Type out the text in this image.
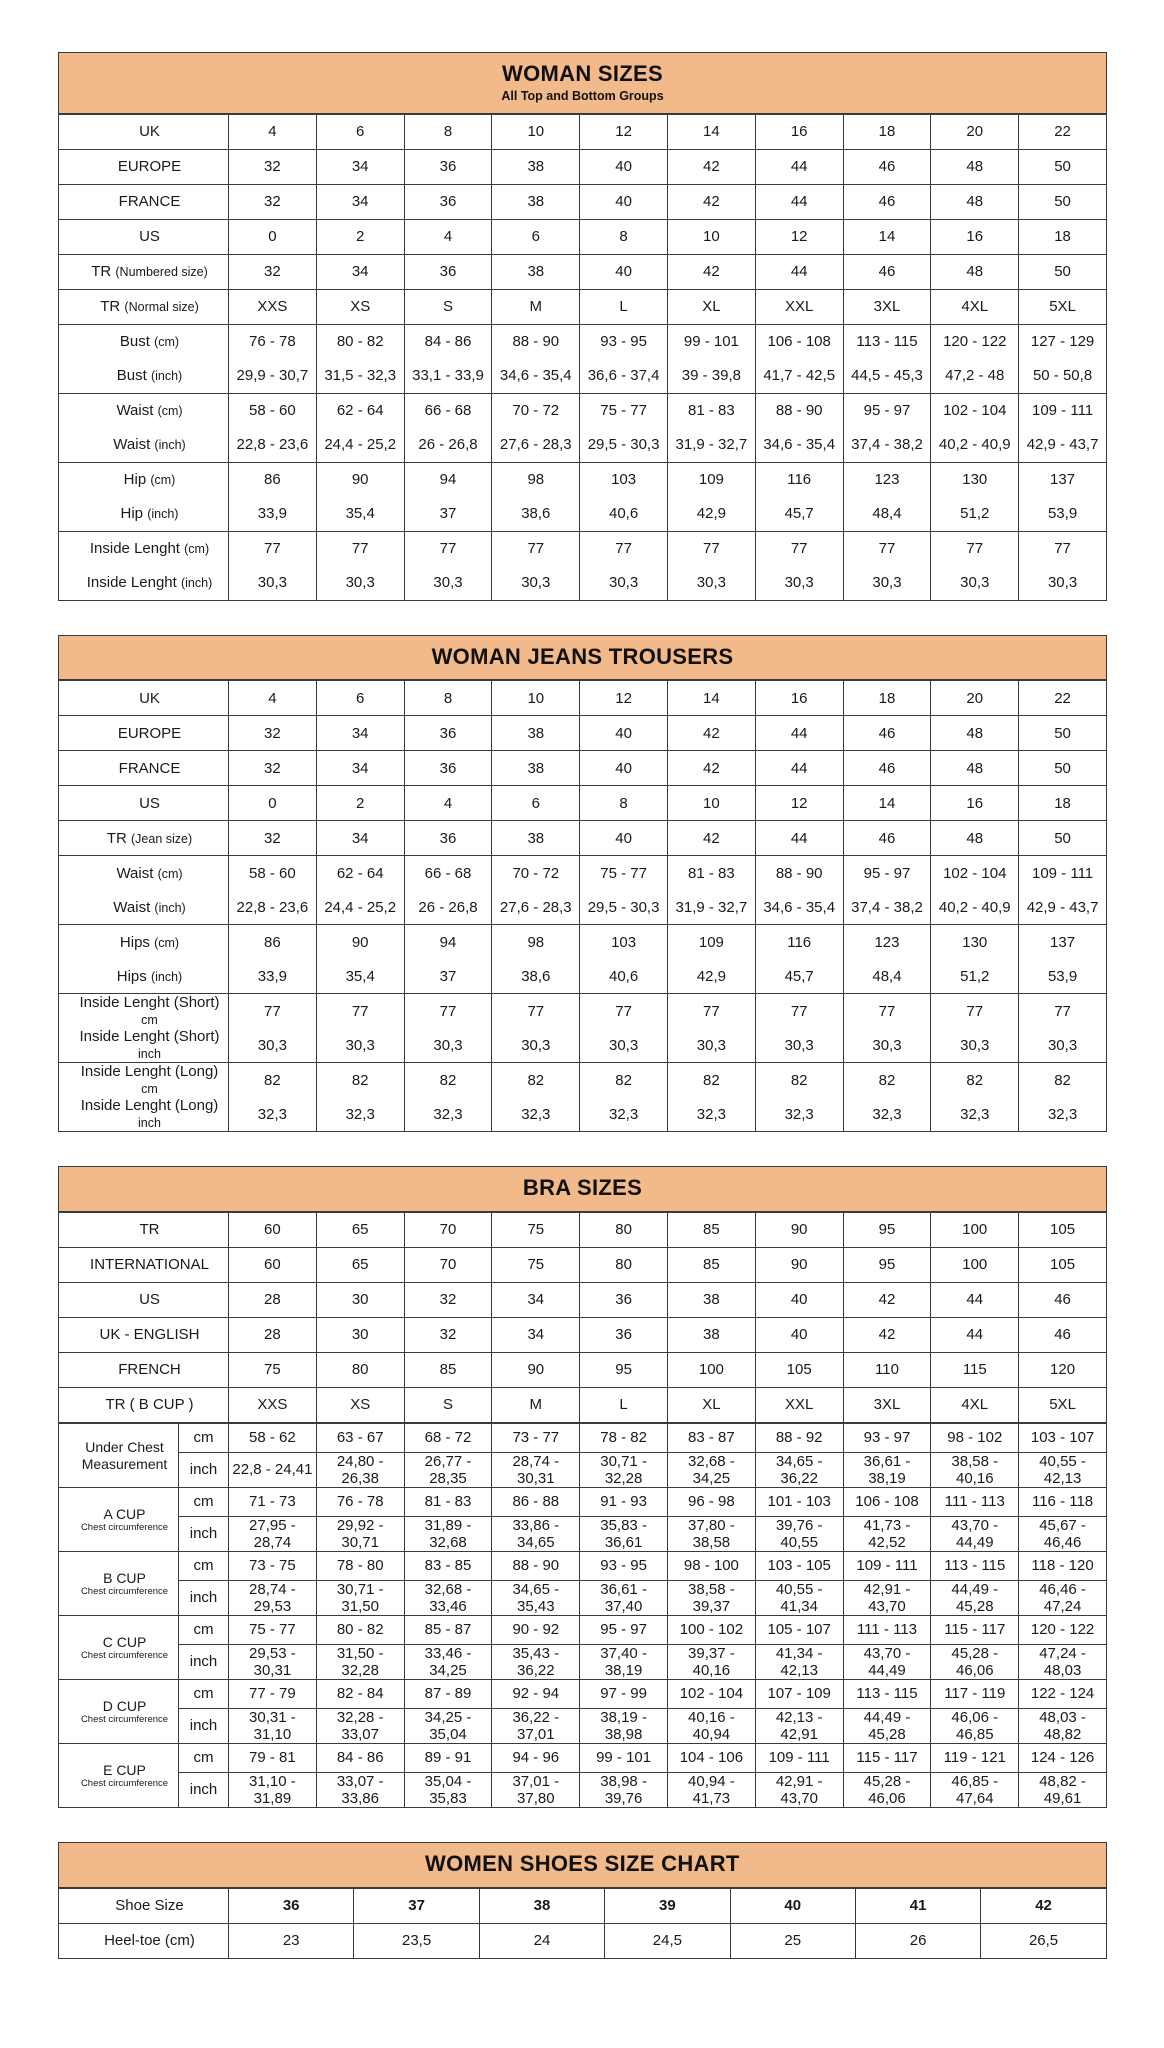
WOMAN SIZES
All Top and Bottom Groups
UK	4	6	8	10	12	14	16	18	20	22
EUROPE	32	34	36	38	40	42	44	46	48	50
FRANCE	32	34	36	38	40	42	44	46	48	50
US	0	2	4	6	8	10	12	14	16	18
TR (Numbered size)	32	34	36	38	40	42	44	46	48	50
TR (Normal size)	XXS	XS	S	M	L	XL	XXL	3XL	4XL	5XL
Bust (cm)	76 - 78	80 - 82	84 - 86	88 - 90	93 - 95	99 - 101	106 - 108	113 - 115	120 - 122	127 - 129
Bust (inch)	29,9 - 30,7	31,5 - 32,3	33,1 - 33,9	34,6 - 35,4	36,6 - 37,4	39 - 39,8	41,7 - 42,5	44,5 - 45,3	47,2 - 48	50 - 50,8
Waist (cm)	58 - 60	62 - 64	66 - 68	70 - 72	75 - 77	81 - 83	88 - 90	95 - 97	102 - 104	109 - 111
Waist (inch)	22,8 - 23,6	24,4 - 25,2	26 - 26,8	27,6 - 28,3	29,5 - 30,3	31,9 - 32,7	34,6 - 35,4	37,4 - 38,2	40,2 - 40,9	42,9 - 43,7
Hip (cm)	86	90	94	98	103	109	116	123	130	137
Hip (inch)	33,9	35,4	37	38,6	40,6	42,9	45,7	48,4	51,2	53,9
Inside Lenght (cm)	77	77	77	77	77	77	77	77	77	77
Inside Lenght (inch)	30,3	30,3	30,3	30,3	30,3	30,3	30,3	30,3	30,3	30,3
WOMAN JEANS TROUSERS
UK	4	6	8	10	12	14	16	18	20	22
EUROPE	32	34	36	38	40	42	44	46	48	50
FRANCE	32	34	36	38	40	42	44	46	48	50
US	0	2	4	6	8	10	12	14	16	18
TR (Jean size)	32	34	36	38	40	42	44	46	48	50
Waist (cm)	58 - 60	62 - 64	66 - 68	70 - 72	75 - 77	81 - 83	88 - 90	95 - 97	102 - 104	109 - 111
Waist (inch)	22,8 - 23,6	24,4 - 25,2	26 - 26,8	27,6 - 28,3	29,5 - 30,3	31,9 - 32,7	34,6 - 35,4	37,4 - 38,2	40,2 - 40,9	42,9 - 43,7
Hips (cm)	86	90	94	98	103	109	116	123	130	137
Hips (inch)	33,9	35,4	37	38,6	40,6	42,9	45,7	48,4	51,2	53,9
Inside Lenght (Short) cm	77	77	77	77	77	77	77	77	77	77
Inside Lenght (Short) inch	30,3	30,3	30,3	30,3	30,3	30,3	30,3	30,3	30,3	30,3
Inside Lenght (Long) cm	82	82	82	82	82	82	82	82	82	82
Inside Lenght (Long) inch	32,3	32,3	32,3	32,3	32,3	32,3	32,3	32,3	32,3	32,3
BRA SIZES
TR	60	65	70	75	80	85	90	95	100	105
INTERNATIONAL	60	65	70	75	80	85	90	95	100	105
US	28	30	32	34	36	38	40	42	44	46
UK - ENGLISH	28	30	32	34	36	38	40	42	44	46
FRENCH	75	80	85	90	95	100	105	110	115	120
TR ( B CUP )	XXS	XS	S	M	L	XL	XXL	3XL	4XL	5XL
Under Chest
Measurement	cm	58 - 62	63 - 67	68 - 72	73 - 77	78 - 82	83 - 87	88 - 92	93 - 97	98 - 102	103 - 107
	inch	22,8 - 24,41	24,80 - 26,38	26,77 - 28,35	28,74 - 30,31	30,71 - 32,28	32,68 - 34,25	34,65 - 36,22	36,61 - 38,19	38,58 - 40,16	40,55 - 42,13
A CUP
Chest circumference	cm	71 - 73	76 - 78	81 - 83	86 - 88	91 - 93	96 - 98	101 - 103	106 - 108	111 - 113	116 - 118
	inch	27,95 - 28,74	29,92 - 30,71	31,89 - 32,68	33,86 - 34,65	35,83 - 36,61	37,80 - 38,58	39,76 - 40,55	41,73 - 42,52	43,70 - 44,49	45,67 - 46,46
B CUP
Chest circumference	cm	73 - 75	78 - 80	83 - 85	88 - 90	93 - 95	98 - 100	103 - 105	109 - 111	113 - 115	118 - 120
	inch	28,74 - 29,53	30,71 - 31,50	32,68 - 33,46	34,65 - 35,43	36,61 - 37,40	38,58 - 39,37	40,55 - 41,34	42,91 - 43,70	44,49 - 45,28	46,46 - 47,24
C CUP
Chest circumference	cm	75 - 77	80 - 82	85 - 87	90 - 92	95 - 97	100 - 102	105 - 107	111 - 113	115 - 117	120 - 122
	inch	29,53 - 30,31	31,50 - 32,28	33,46 - 34,25	35,43 - 36,22	37,40 - 38,19	39,37 - 40,16	41,34 - 42,13	43,70 - 44,49	45,28 - 46,06	47,24 - 48,03
D CUP
Chest circumference	cm	77 - 79	82 - 84	87 - 89	92 - 94	97 - 99	102 - 104	107 - 109	113 - 115	117 - 119	122 - 124
	inch	30,31 - 31,10	32,28 - 33,07	34,25 - 35,04	36,22 - 37,01	38,19 - 38,98	40,16 - 40,94	42,13 - 42,91	44,49 - 45,28	46,06 - 46,85	48,03 - 48,82
E CUP
Chest circumference	cm	79 - 81	84 - 86	89 - 91	94 - 96	99 - 101	104 - 106	109 - 111	115 - 117	119 - 121	124 - 126
	inch	31,10 - 31,89	33,07 - 33,86	35,04 - 35,83	37,01 - 37,80	38,98 - 39,76	40,94 - 41,73	42,91 - 43,70	45,28 - 46,06	46,85 - 47,64	48,82 - 49,61
WOMEN SHOES SIZE CHART
Shoe Size	36	37	38	39	40	41	42
Heel-toe (cm)	23	23,5	24	24,5	25	26	26,5
